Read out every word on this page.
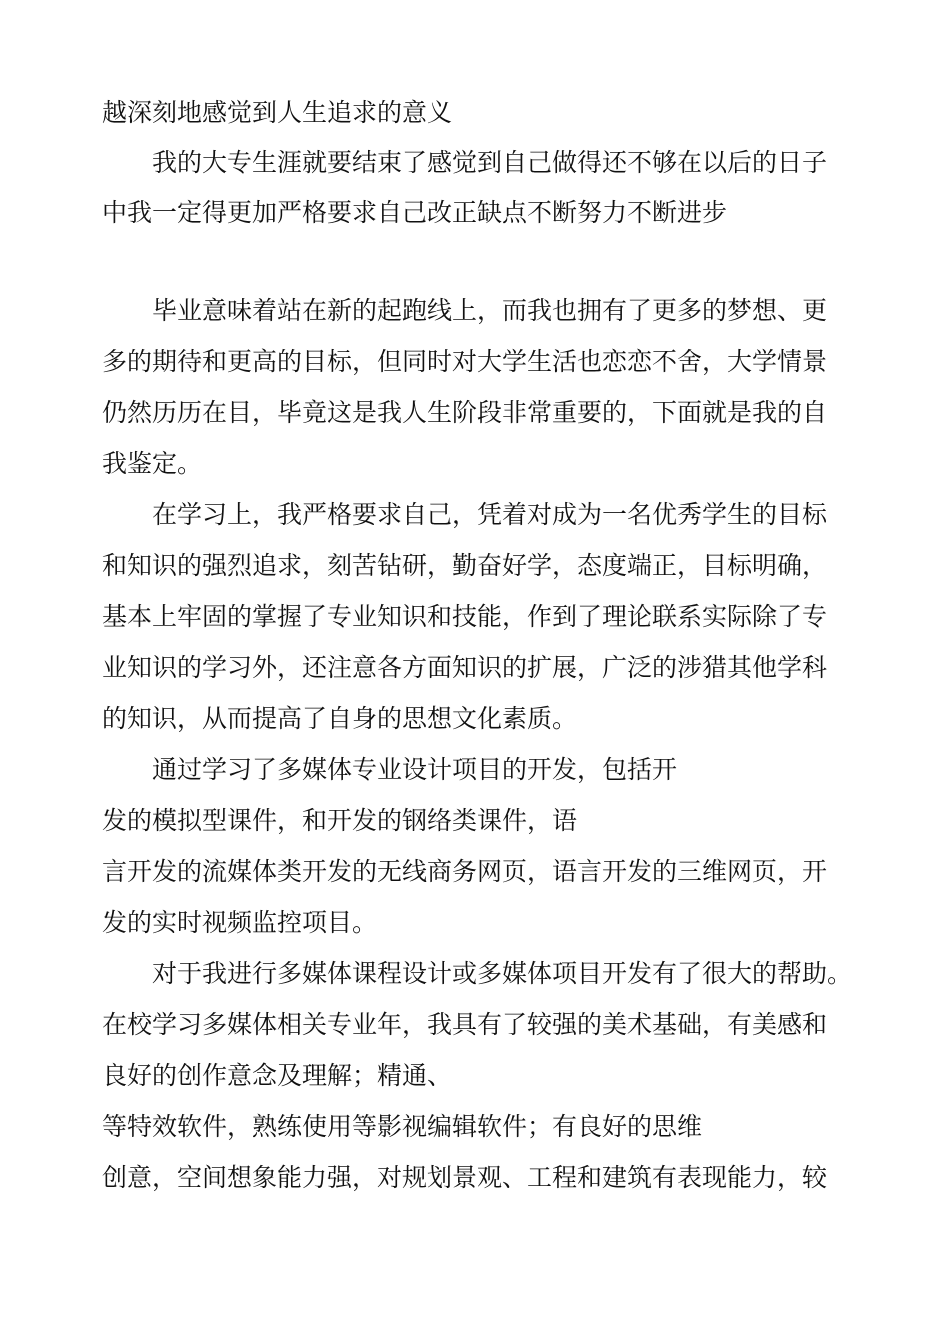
越深刻地感觉到人生追求的意义

我的大专生涯就要结束了感觉到自己做得还不够在以后的日子

中我一定得更加严格要求自己改正缺点不断努力不断进步

毕业意味着站在新的起跑线上，而我也拥有了更多的梦想、更

多的期待和更高的目标，但同时对大学生活也恋恋不舍，大学情景

仍然历历在目，毕竟这是我人生阶段非常重要的，下面就是我的自

我鉴定。

在学习上，我严格要求自己，凭着对成为一名优秀学生的目标

和知识的强烈追求，刻苦钻研，勤奋好学，态度端正，目标明确，

基本上牢固的掌握了专业知识和技能，作到了理论联系实际除了专

业知识的学习外，还注意各方面知识的扩展，广泛的涉猎其他学科

的知识，从而提高了自身的思想文化素质。

通过学习了多媒体专业设计项目的开发，包括开

发的模拟型课件，和开发的钢络类课件，语

言开发的流媒体类开发的无线商务网页，语言开发的三维网页，开

发的实时视频监控项目。

对于我进行多媒体课程设计或多媒体项目开发有了很大的帮助。

在校学习多媒体相关专业年，我具有了较强的美术基础，有美感和

良好的创作意念及理解；精通、

等特效软件，熟练使用等影视编辑软件；有良好的思维

创意，空间想象能力强，对规划景观、工程和建筑有表现能力，较
